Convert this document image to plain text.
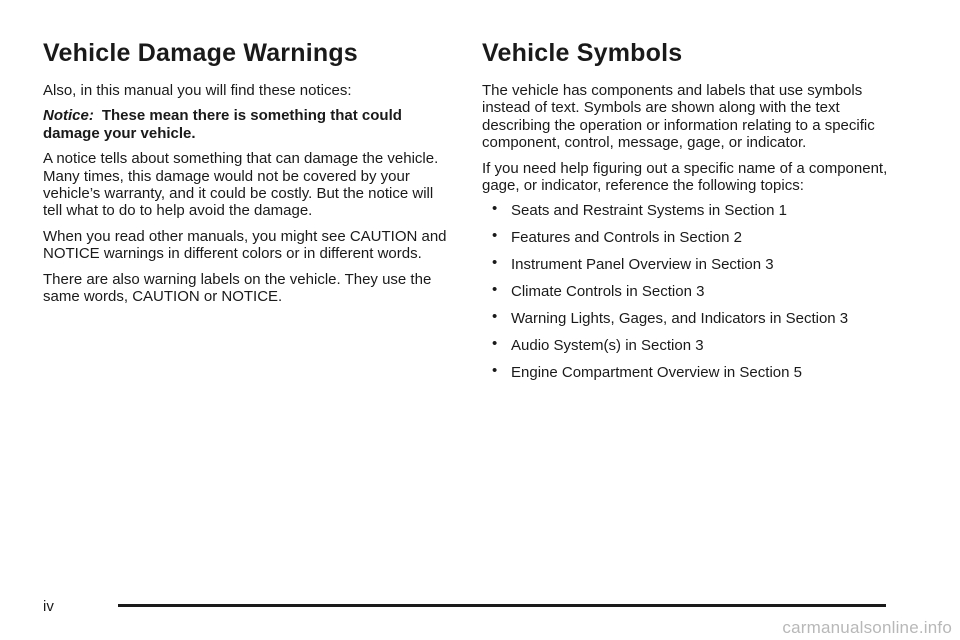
Vehicle Damage Warnings

Also, in this manual you will find these notices:

Notice: These mean there is something that could damage your vehicle.

A notice tells about something that can damage the vehicle. Many times, this damage would not be covered by your vehicle’s warranty, and it could be costly. But the notice will tell what to do to help avoid the damage.

When you read other manuals, you might see CAUTION and NOTICE warnings in different colors or in different words.

There are also warning labels on the vehicle. They use the same words, CAUTION or NOTICE.

Vehicle Symbols

The vehicle has components and labels that use symbols instead of text. Symbols are shown along with the text describing the operation or information relating to a specific component, control, message, gage, or indicator.

If you need help figuring out a specific name of a component, gage, or indicator, reference the following topics:

• Seats and Restraint Systems in Section 1
• Features and Controls in Section 2
• Instrument Panel Overview in Section 3
• Climate Controls in Section 3
• Warning Lights, Gages, and Indicators in Section 3
• Audio System(s) in Section 3
• Engine Compartment Overview in Section 5
iv
carmanualsonline.info
